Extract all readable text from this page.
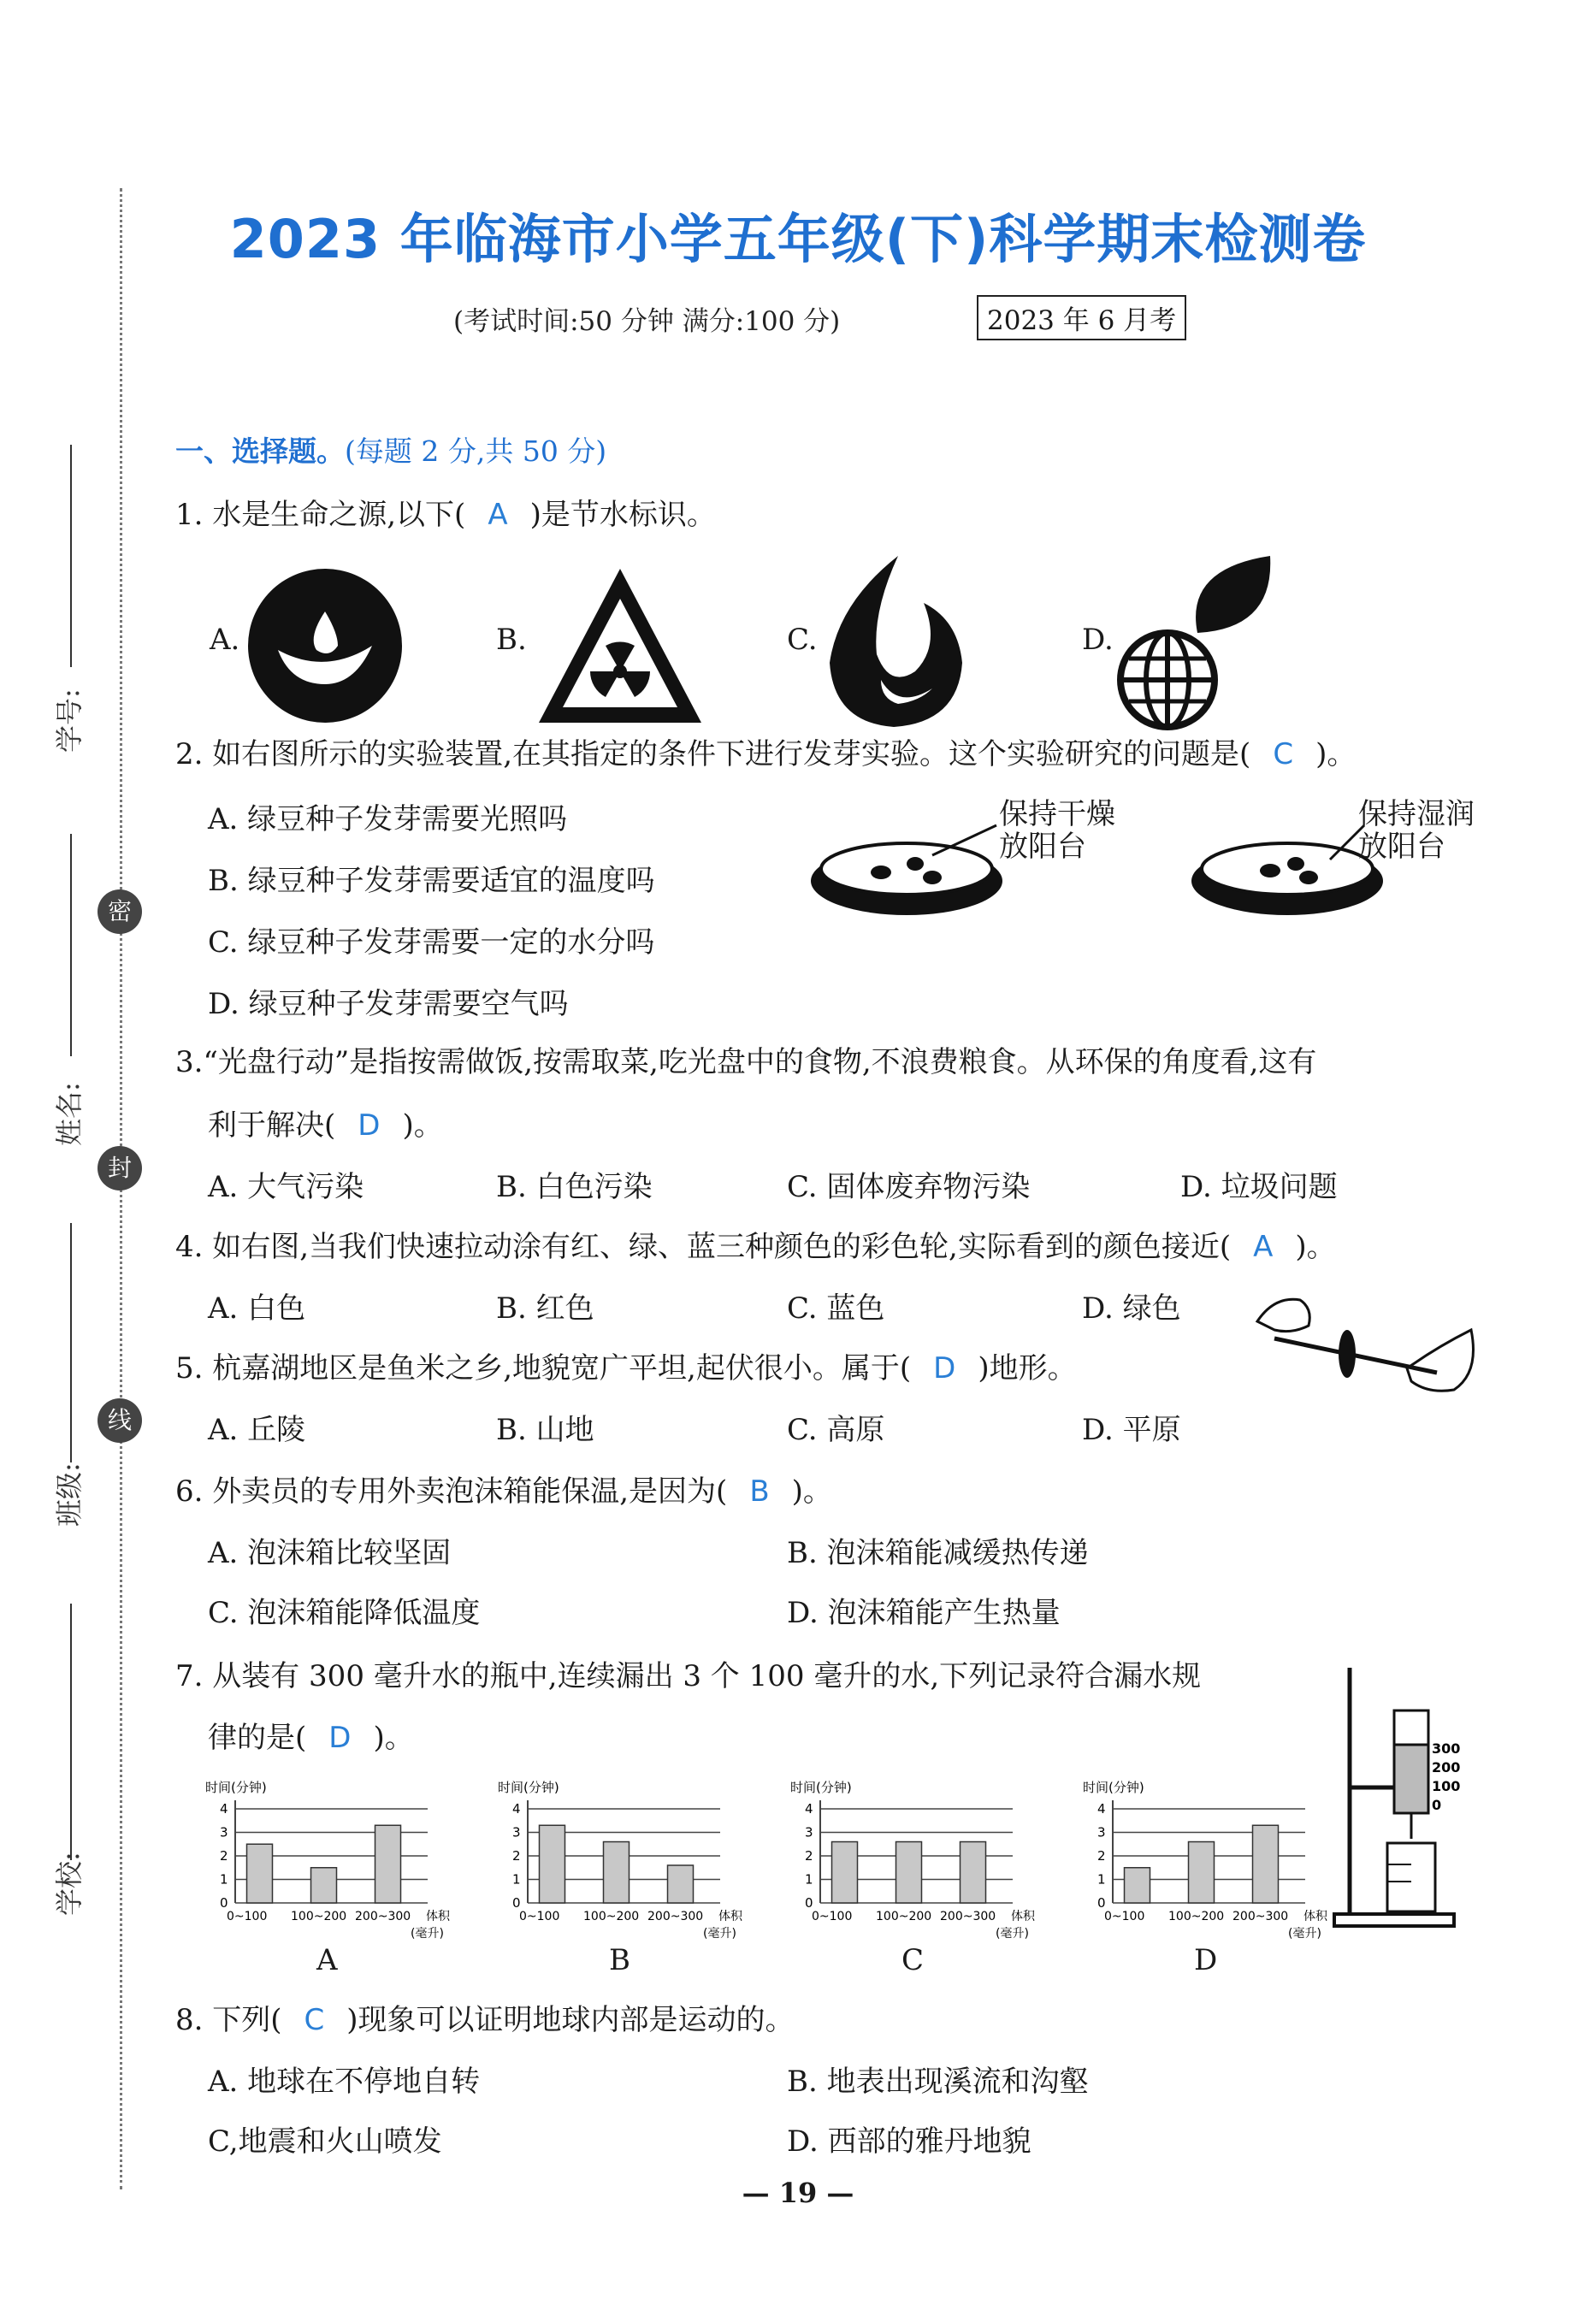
学号:
姓名:
班级:
学校:
密
封
线
2023 年临海市小学五年级(下)科学期末检测卷
(考试时间:50 分钟 满分:100 分)	2023 年 6 月考
一、选择题。(每题 2 分,共 50 分)
1. 水是生命之源,以下( A )是节水标识。
A.	B.	C.	D.
2. 如右图所示的实验装置,在其指定的条件下进行发芽实验。这个实验研究的问题是( C )。
A. 绿豆种子发芽需要光照吗
B. 绿豆种子发芽需要适宜的温度吗
C. 绿豆种子发芽需要一定的水分吗
D. 绿豆种子发芽需要空气吗
保持干燥
放阳台
保持湿润
放阳台
3.“光盘行动”是指按需做饭,按需取菜,吃光盘中的食物,不浪费粮食。从环保的角度看,这有
利于解决( D )。
A. 大气污染	B. 白色污染	C. 固体废弃物污染	D. 垃圾问题
4. 如右图,当我们快速拉动涂有红、绿、蓝三种颜色的彩色轮,实际看到的颜色接近( A )。
A. 白色	B. 红色	C. 蓝色	D. 绿色
5. 杭嘉湖地区是鱼米之乡,地貌宽广平坦,起伏很小。属于( D )地形。
A. 丘陵	B. 山地	C. 高原	D. 平原
6. 外卖员的专用外卖泡沫箱能保温,是因为( B )。
A. 泡沫箱比较坚固	B. 泡沫箱能减缓热传递
C. 泡沫箱能降低温度	D. 泡沫箱能产生热量
7. 从装有 300 毫升水的瓶中,连续漏出 3 个 100 毫升的水,下列记录符合漏水规
律的是( D )。
时间(分钟)
0
1
2
3
4
0~100 100~200 200~300 体积
(毫升)
时间(分钟)
0
1
2
3
4
0~100 100~200 200~300 体积
(毫升)
时间(分钟)
0
1
2
3
4
0~100 100~200 200~300 体积
(毫升)
时间(分钟)
0
1
2
3
4
0~100 100~200 200~300 体积
(毫升)
A	B	C	D
300
200
100
0
8. 下列( C )现象可以证明地球内部是运动的。
A. 地球在不停地自转	B. 地表出现溪流和沟壑
C,地震和火山喷发	D. 西部的雅丹地貌
— 19 —
